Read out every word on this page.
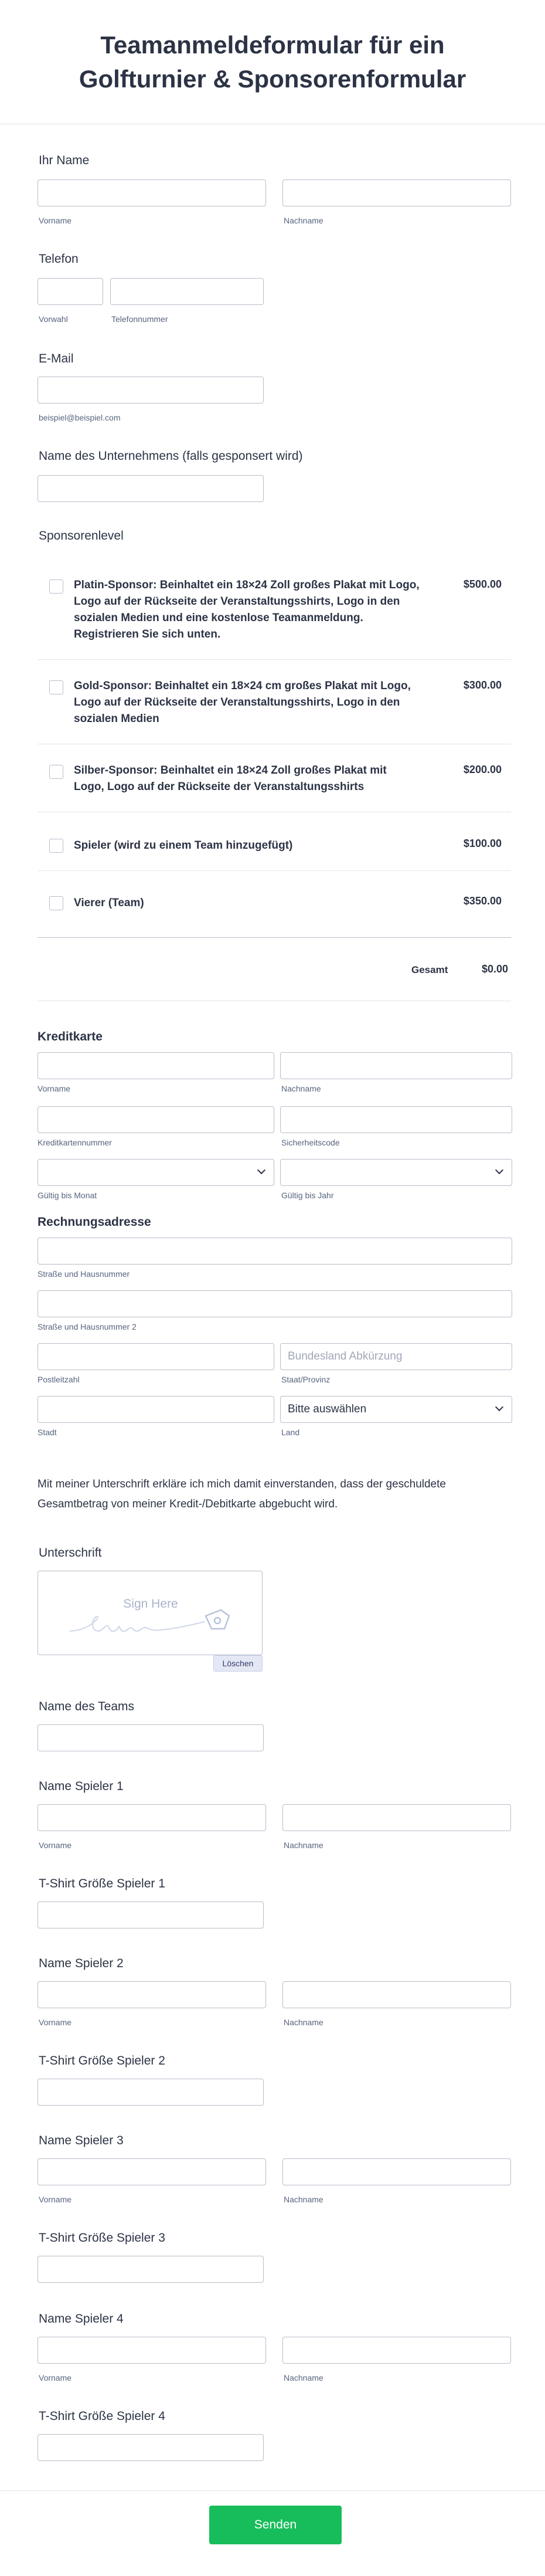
Teamanmeldeformular für ein Golfturnier & Sponsorenformular
Ihr Name
Vorname	Nachname
Telefon
Vorwahl	Telefonnummer
E-Mail
beispiel@beispiel.com
Name des Unternehmens (falls gesponsert wird)
Sponsorenlevel
Platin-Sponsor: Beinhaltet ein 18×24 Zoll großes Plakat mit Logo, Logo auf der Rückseite der Veranstaltungsshirts, Logo in den sozialen Medien und eine kostenlose Teamanmeldung. Registrieren Sie sich unten.
$500.00
Gold-Sponsor: Beinhaltet ein 18×24 cm großes Plakat mit Logo, Logo auf der Rückseite der Veranstaltungsshirts, Logo in den sozialen Medien
$300.00
Silber-Sponsor: Beinhaltet ein 18×24 Zoll großes Plakat mit Logo, Logo auf der Rückseite der Veranstaltungsshirts
$200.00
Spieler (wird zu einem Team hinzugefügt)	$100.00
Vierer (Team)	$350.00
Gesamt	$0.00
Kreditkarte
Vorname	Nachname
Kreditkartennummer	Sicherheitscode
Gültig bis Monat	Gültig bis Jahr
Rechnungsadresse
Straße und Hausnummer
Straße und Hausnummer 2
Bundesland Abkürzung
Postleitzahl	Staat/Provinz
Bitte auswählen
Stadt	Land
Mit meiner Unterschrift erkläre ich mich damit einverstanden, dass der geschuldete Gesamtbetrag von meiner Kredit-/Debitkarte abgebucht wird.
Unterschrift
Sign Here
Löschen
Name des Teams
Name Spieler 1
Vorname	Nachname
T-Shirt Größe Spieler 1
Name Spieler 2
Vorname	Nachname
T-Shirt Größe Spieler 2
Name Spieler 3
Vorname	Nachname
T-Shirt Größe Spieler 3
Name Spieler 4
Vorname	Nachname
T-Shirt Größe Spieler 4
Senden
